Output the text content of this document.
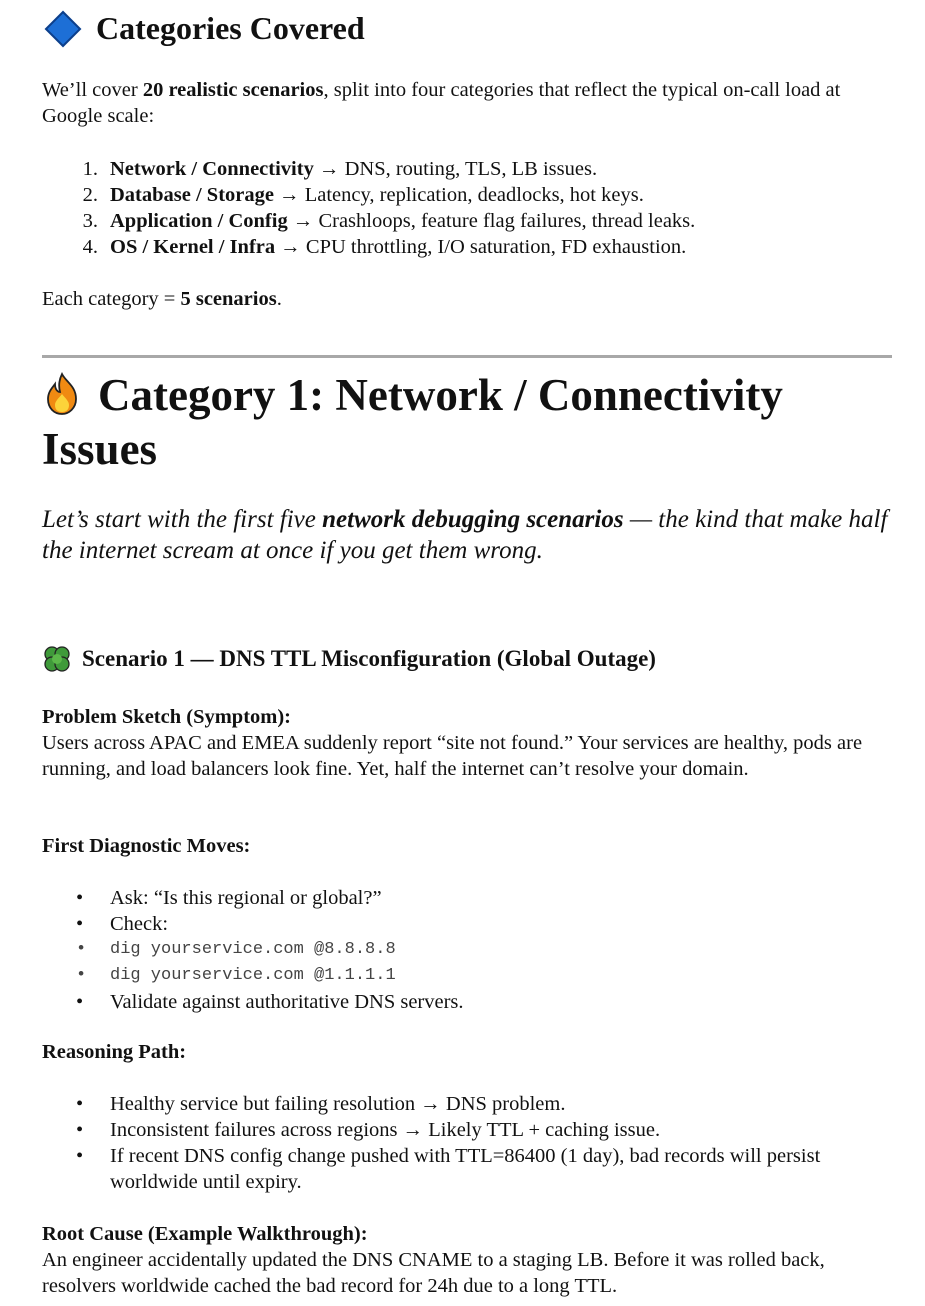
Categories Covered

We’ll cover 20 realistic scenarios, split into four categories that reflect the typical on-call load at Google scale:

1. Network / Connectivity → DNS, routing, TLS, LB issues.
2. Database / Storage → Latency, replication, deadlocks, hot keys.
3. Application / Config → Crashloops, feature flag failures, thread leaks.
4. OS / Kernel / Infra → CPU throttling, I/O saturation, FD exhaustion.

Each category = 5 scenarios.

Category 1: Network / Connectivity Issues

Let’s start with the first five network debugging scenarios — the kind that make half the internet scream at once if you get them wrong.

Scenario 1 — DNS TTL Misconfiguration (Global Outage)
Problem Sketch (Symptom):

Users across APAC and EMEA suddenly report “site not found.” Your services are healthy, pods are running, and load balancers look fine. Yet, half the internet can’t resolve your domain.

First Diagnostic Moves:
• Ask: “Is this regional or global?”
• Check:
• dig yourservice.com @8.8.8.8
• dig yourservice.com @1.1.1.1
• Validate against authoritative DNS servers.
Reasoning Path:
• Healthy service but failing resolution → DNS problem.
• Inconsistent failures across regions → Likely TTL + caching issue.
• If recent DNS config change pushed with TTL=86400 (1 day), bad records will persist worldwide until expiry.
Root Cause (Example Walkthrough):

An engineer accidentally updated the DNS CNAME to a staging LB. Before it was rolled back, resolvers worldwide cached the bad record for 24h due to a long TTL.
